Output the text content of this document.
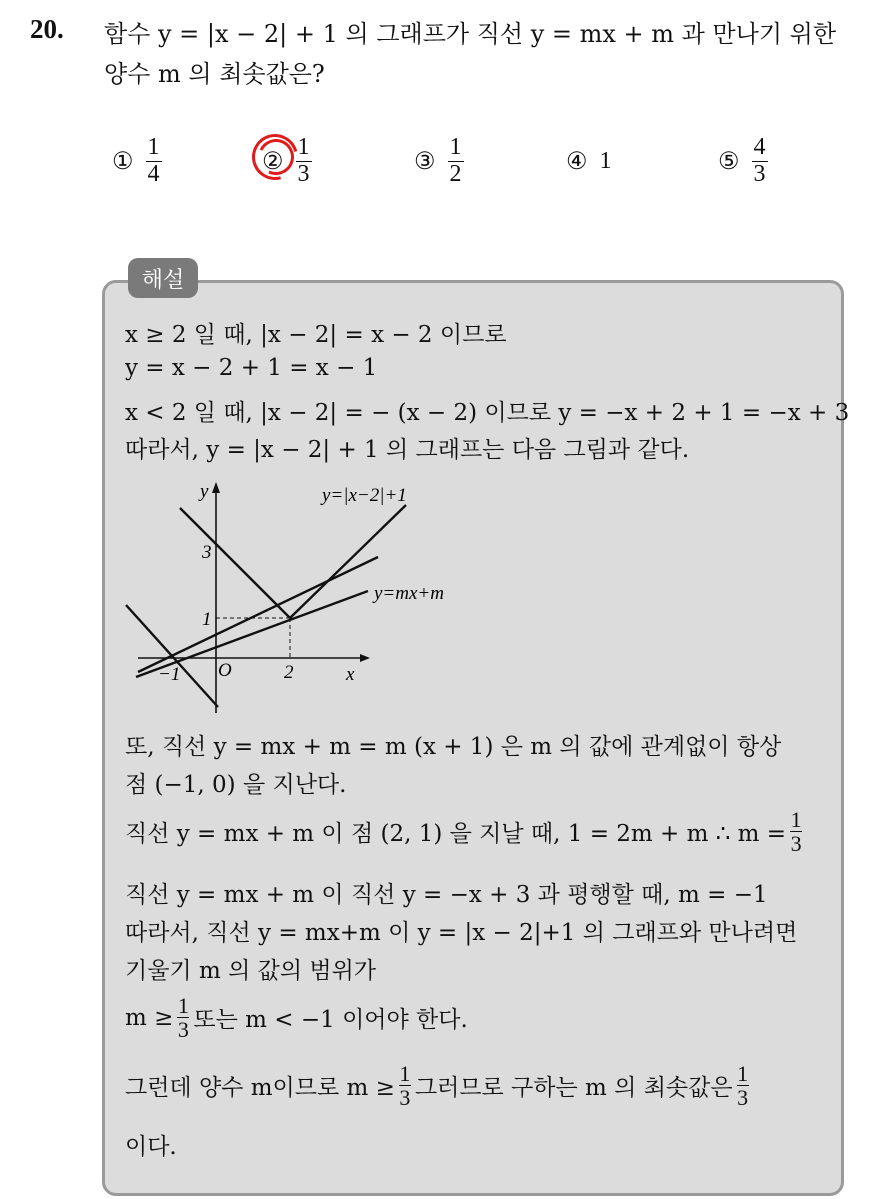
20. 함수 y = |x − 2| + 1 의 그래프가 직선 y = mx + m 과 만나기 위한
양수 m 의 최솟값은?
① $\frac{1}{4}$	② $\frac{1}{3}$	③ $\frac{1}{2}$	④ 1	⑤ $\frac{4}{3}$
해설
x ≥ 2 일 때, |x − 2| = x − 2 이므로
y = x − 2 + 1 = x − 1
x < 2 일 때, |x − 2| = − (x − 2) 이므로 y = −x + 2 + 1 = −x + 3
따라서, y = |x − 2| + 1 의 그래프는 다음 그림과 같다.
y=|x−2|+1
y=mx+m
x
y
3
1
−1 O	2
또, 직선 y = mx + m = m (x + 1) 은 m 의 값에 관계없이 항상
점 (−1, 0) 을 지난다.
직선 y = mx + m 이 점 (2, 1) 을 지날 때, 1 = 2m + m ∴ m =
1
3
직선 y = mx + m 이 직선 y = −x + 3 과 평행할 때, m = −1
따라서, 직선 y = mx+m 이 y = |x − 2|+1 의 그래프와 만나려면
기울기 m 의 값의 범위가
m ≥ 1
3 또는 m < −1 이어야 한다.
그런데 양수 m이므로 m ≥
1
3 그러므로 구하는 m 의 최솟값은
1
3
이다.
